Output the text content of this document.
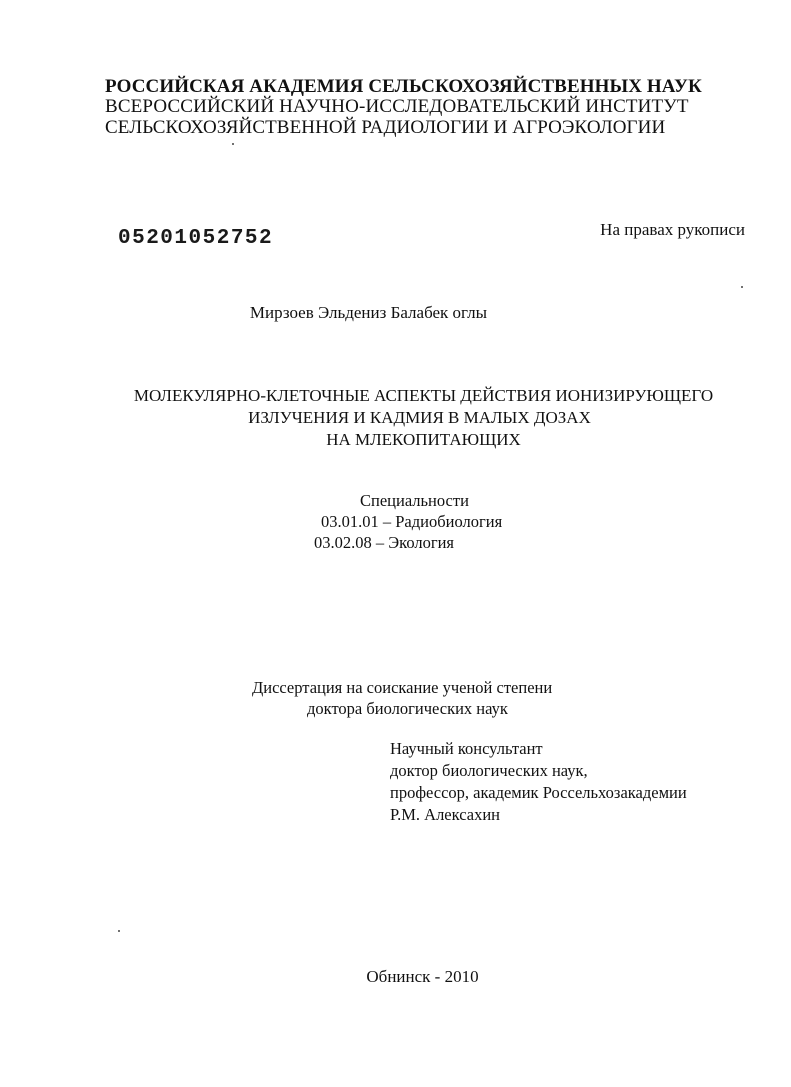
РОССИЙСКАЯ АКАДЕМИЯ СЕЛЬСКОХОЗЯЙСТВЕННЫХ НАУК
ВСЕРОССИЙСКИЙ НАУЧНО-ИССЛЕДОВАТЕЛЬСКИЙ ИНСТИТУТ
СЕЛЬСКОХОЗЯЙСТВЕННОЙ РАДИОЛОГИИ И АГРОЭКОЛОГИИ
05201052752	На правах рукописи
Мирзоев Эльдениз Балабек оглы
МОЛЕКУЛЯРНО-КЛЕТОЧНЫЕ АСПЕКТЫ ДЕЙСТВИЯ ИОНИЗИРУЮЩЕГО
ИЗЛУЧЕНИЯ И КАДМИЯ В МАЛЫХ ДОЗАХ
НА МЛЕКОПИТАЮЩИХ
Специальности
03.01.01 – Радиобиология
03.02.08 – Экология
Диссертация на соискание ученой степени
доктора биологических наук
Научный консультант
доктор биологических наук,
профессор, академик Россельхозакадемии
Р.М. Алексахин
Обнинск - 2010
